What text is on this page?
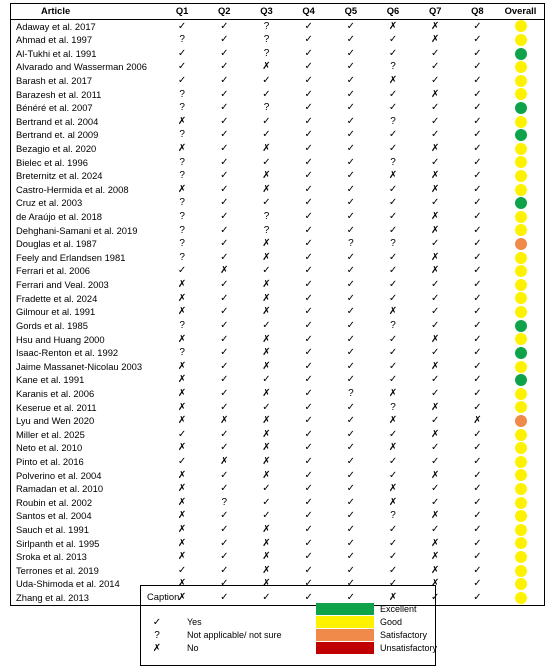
Article	Q1	Q2	Q3	Q4	Q5	Q6	Q7	Q8	Overall
Adaway et al. 2017	✓	✓	?	✓	✓	✗	✗	✓
Ahmad et al. 1997	?	✓	?	✓	✓	✓	✗	✓
Al-Tukhi et al. 1991	✓	✓	?	✓	✓	✓	✓	✓
Alvarado and Wasserman 2006	✓	✓	✗	✓	✓	?	✓	✓
Barash et al. 2017	✓	✓	✓	✓	✓	✗	✓	✓
Barazesh et al. 2011	?	✓	✓	✓	✓	✓	✗	✓
Bénéré et al. 2007	?	✓	?	✓	✓	✓	✓	✓
Bertrand et al. 2004	✗	✓	✓	✓	✓	?	✓	✓
Bertrand et. al 2009	?	✓	✓	✓	✓	✓	✓	✓
Bezagio et al. 2020	✗	✓	✗	✓	✓	✓	✗	✓
Bielec et al. 1996	?	✓	✓	✓	✓	?	✓	✓
Breternitz et al. 2024	?	✓	✗	✓	✓	✗	✗	✓
Castro-Hermida et al. 2008	✗	✓	✗	✓	✓	✓	✗	✓
Cruz et al. 2003	?	✓	✓	✓	✓	✓	✓	✓
de Araújo et al. 2018	?	✓	?	✓	✓	✓	✗	✓
Dehghani-Samani et al. 2019	?	✓	?	✓	✓	✓	✗	✓
Douglas et al. 1987	?	✓	✗	✓	?	?	✓	✓
Feely and Erlandsen 1981	?	✓	✗	✓	✓	✓	✗	✓
Ferrari et al. 2006	✓	✗	✓	✓	✓	✓	✗	✓
Ferrari and Veal. 2003	✗	✓	✗	✓	✓	✓	✓	✓
Fradette et al. 2024	✗	✓	✗	✓	✓	✓	✓	✓
Gilmour et al. 1991	✗	✓	✗	✓	✓	✗	✓	✓
Gords et al. 1985	?	✓	✓	✓	✓	?	✓	✓
Hsu and Huang 2000	✗	✓	✗	✓	✓	✓	✗	✓
Isaac-Renton et al. 1992	?	✓	✗	✓	✓	✓	✓	✓
Jaime Massanet-Nicolau 2003	✗	✓	✗	✓	✓	✓	✗	✓
Kane et al. 1991	✗	✓	✓	✓	✓	✓	✓	✓
Karanis et al. 2006	✗	✓	✗	✓	?	✗	✓	✓
Keserue et al. 2011	✗	✓	✓	✓	✓	?	✗	✓
Lyu and Wen 2020	✗	✗	✗	✓	✓	✗	✓	✗
Miller et al. 2025	✓	✓	✗	✓	✓	✓	✗	✓
Neto et al. 2010	✗	✓	✗	✓	✓	✗	✓	✓
Pinto et al. 2016	✓	✗	✗	✓	✓	✓	✓	✓
Polverino et al. 2004	✗	✓	✗	✓	✓	✓	✗	✓
Ramadan et al. 2010	✗	✓	✓	✓	✓	✗	✓	✓
Roubin et al. 2002	✗	?	✓	✓	✓	✗	✓	✓
Santos et al. 2004	✗	✓	✓	✓	✓	?	✗	✓
Sauch et al. 1991	✗	✓	✗	✓	✓	✓	✓	✓
Sirlpanth et al. 1995	✗	✓	✗	✓	✓	✓	✗	✓
Sroka et al. 2013	✗	✓	✗	✓	✓	✓	✗	✓
Terrones et al. 2019	✓	✓	✗	✓	✓	✓	✗	✓
Uda-Shimoda et al. 2014	✗	✓	✗	✓	✓	✓	✗	✓
Zhang et al. 2013	✗	✓	✓	✓	✓	✗	✓	✓
Caption
✓	Yes
?	Not applicable/ not sure
✗	No
Excellent
Good
Satisfactory
Unsatisfactory
